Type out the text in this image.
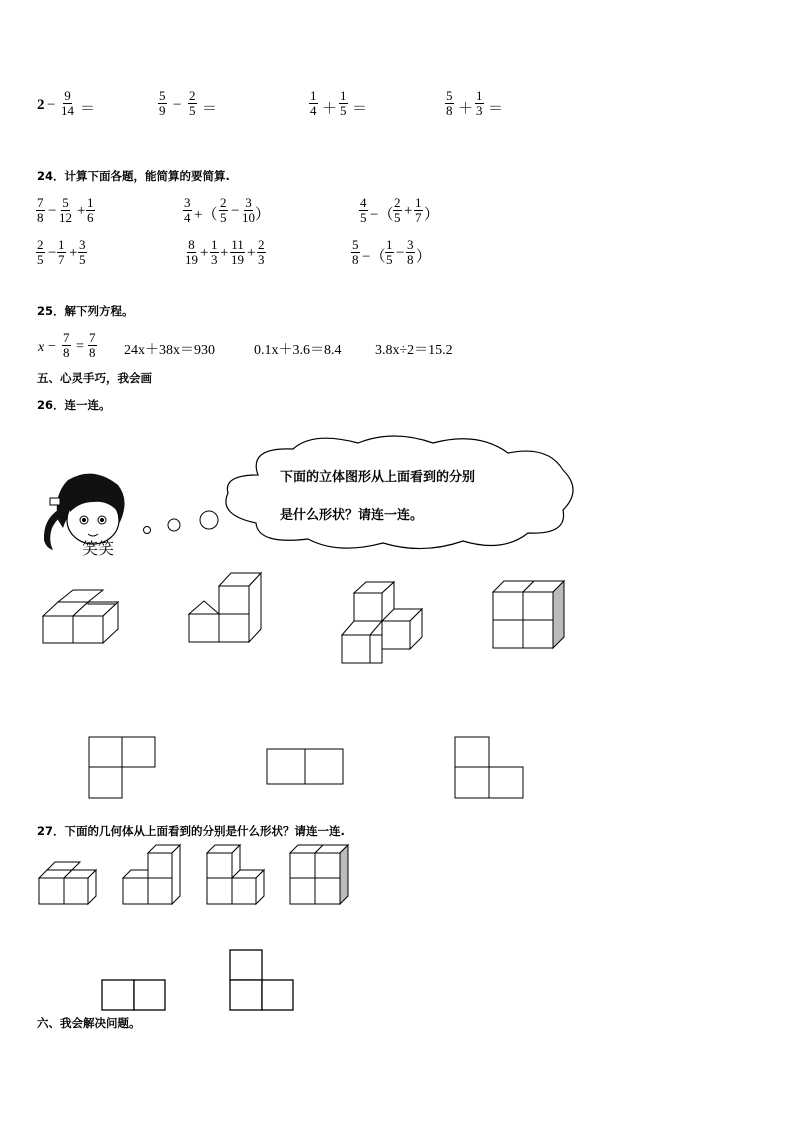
$2 - \frac{9}{14}$ ＝	$\frac{5}{9} - \frac{2}{5}$ ＝	$\frac{1}{4} + \frac{1}{5}$ ＝	$\frac{5}{8} + \frac{1}{3}$ ＝
24．计算下面各题，能简算的要简算.
$\frac{7}{8} - \frac{5}{12} + \frac{1}{6}$	$\frac{3}{4}$ +（ $\frac{2}{5} - \frac{3}{10}$ ）	$\frac{4}{5}$ −（ $\frac{2}{5} + \frac{1}{7}$ ）
$\frac{2}{5} - \frac{1}{7} + \frac{3}{5}$	$\frac{8}{19} + \frac{1}{3} + \frac{11}{19} + \frac{2}{3}$	$\frac{5}{8}$ −（ $\frac{1}{5} - \frac{3}{8}$ ）
25．解下列方程。
$x - \frac{7}{8} = \frac{7}{8} 24x+38x=930$	0.1x＋3.6＝8.4 3.8x÷2＝15.2
五、心灵手巧，我会画
26．连一连。
笑笑
下面的立体图形从上面看到的分别
是什么形状？请连一连。
27．下面的几何体从上面看到的分别是什么形状？请连一连.
六、我会解决问题。
